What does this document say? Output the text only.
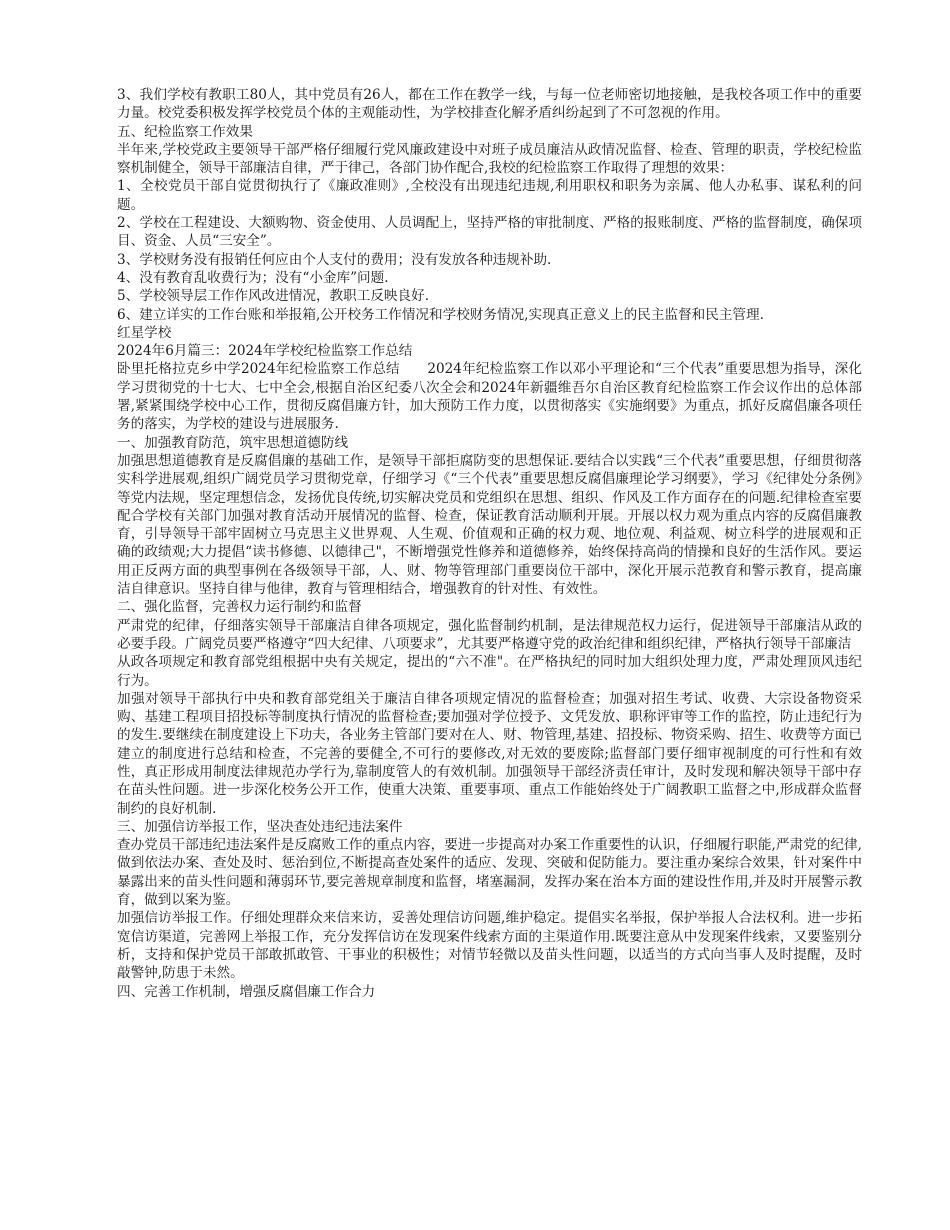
3、我们学校有教职工80人，其中党员有26人，都在工作在教学一线，与每一位老师密切地接触，是我校各项工作中的重要力量。校党委积极发挥学校党员个体的主观能动性，为学校排查化解矛盾纠纷起到了不可忽视的作用。

五、纪检监察工作效果

半年来,学校党政主要领导干部严格仔细履行党风廉政建设中对班子成员廉洁从政情况监督、检查、管理的职责，学校纪检监察机制健全，领导干部廉洁自律，严于律己，各部门协作配合,我校的纪检监察工作取得了理想的效果：

1、全校党员干部自觉贯彻执行了《廉政准则》,全校没有出现违纪违规,利用职权和职务为亲属、他人办私事、谋私利的问题。

2、学校在工程建设、大额购物、资金使用、人员调配上，坚持严格的审批制度、严格的报账制度、严格的监督制度，确保项目、资金、人员“三安全”。

3、学校财务没有报销任何应由个人支付的费用；没有发放各种违规补助.

4、没有教育乱收费行为；没有“小金库”问题.

5、学校领导层工作作风改进情况，教职工反映良好.

6、建立详实的工作台账和举报箱,公开校务工作情况和学校财务情况,实现真正意义上的民主监督和民主管理.

红星学校

2024年6月篇三：2024年学校纪检监察工作总结

卧里托格拉克乡中学2024年纪检监察工作总结　　2024年纪检监察工作以邓小平理论和“三个代表”重要思想为指导，深化学习贯彻党的十七大、七中全会,根据自治区纪委八次全会和2024年新疆维吾尔自治区教育纪检监察工作会议作出的总体部署,紧紧围绕学校中心工作，贯彻反腐倡廉方针，加大预防工作力度，以贯彻落实《实施纲要》为重点，抓好反腐倡廉各项任务的落实，为学校的建设与进展服务.

一、加强教育防范，筑牢思想道德防线

加强思想道德教育是反腐倡廉的基础工作，是领导干部拒腐防变的思想保证.要结合以实践“三个代表”重要思想，仔细贯彻落实科学进展观,组织广阔党员学习贯彻党章，仔细学习《“三个代表”重要思想反腐倡廉理论学习纲要》，学习《纪律处分条例》等党内法规，坚定理想信念，发扬优良传统,切实解决党员和党组织在思想、组织、作风及工作方面存在的问题.纪律检查室要配合学校有关部门加强对教育活动开展情况的监督、检查，保证教育活动顺利开展。开展以权力观为重点内容的反腐倡廉教育，引导领导干部牢固树立马克思主义世界观、人生观、价值观和正确的权力观、地位观、利益观、树立科学的进展观和正确的政绩观;大力提倡“读书修德、以德律己"，不断增强党性修养和道德修养，始终保持高尚的情操和良好的生活作风。要运用正反两方面的典型事例在各级领导干部，人、财、物等管理部门重要岗位干部中，深化开展示范教育和警示教育，提高廉洁自律意识。坚持自律与他律，教育与管理相结合，增强教育的针对性、有效性。

二、强化监督，完善权力运行制约和监督

严肃党的纪律，仔细落实领导干部廉洁自律各项规定，强化监督制约机制，是法律规范权力运行，促进领导干部廉洁从政的必要手段。广阔党员要严格遵守“四大纪律、八项要求”，尤其要严格遵守党的政治纪律和组织纪律，严格执行领导干部廉洁

从政各项规定和教育部党组根据中央有关规定，提出的“六不准"。在严格执纪的同时加大组织处理力度，严肃处理顶风违纪行为。

加强对领导干部执行中央和教育部党组关于廉洁自律各项规定情况的监督检查；加强对招生考试、收费、大宗设备物资采购、基建工程项目招投标等制度执行情况的监督检查;要加强对学位授予、文凭发放、职称评审等工作的监控，防止违纪行为的发生.要继续在制度建设上下功夫，各业务主管部门要对在人、财、物管理,基建、招投标、物资采购、招生、收费等方面已建立的制度进行总结和检查，不完善的要健全,不可行的要修改,对无效的要废除;监督部门要仔细审视制度的可行性和有效性，真正形成用制度法律规范办学行为,靠制度管人的有效机制。加强领导干部经济责任审计，及时发现和解决领导干部中存在苗头性问题。进一步深化校务公开工作，使重大决策、重要事项、重点工作能始终处于广阔教职工监督之中,形成群众监督制约的良好机制.

三、加强信访举报工作，坚决查处违纪违法案件

查办党员干部违纪违法案件是反腐败工作的重点内容，要进一步提高对办案工作重要性的认识，仔细履行职能,严肃党的纪律,做到依法办案、查处及时、惩治到位,不断提高查处案件的适应、发现、突破和促防能力。要注重办案综合效果，针对案件中暴露出来的苗头性问题和薄弱环节,要完善规章制度和监督，堵塞漏洞，发挥办案在治本方面的建设性作用,并及时开展警示教育，做到以案为鉴。

加强信访举报工作。仔细处理群众来信来访，妥善处理信访问题,维护稳定。提倡实名举报，保护举报人合法权利。进一步拓宽信访渠道，完善网上举报工作，充分发挥信访在发现案件线索方面的主渠道作用.既要注意从中发现案件线索，又要鉴别分析，支持和保护党员干部敢抓敢管、干事业的积极性；对情节轻微以及苗头性问题，以适当的方式向当事人及时提醒，及时敲警钟,防患于未然。

四、完善工作机制，增强反腐倡廉工作合力
